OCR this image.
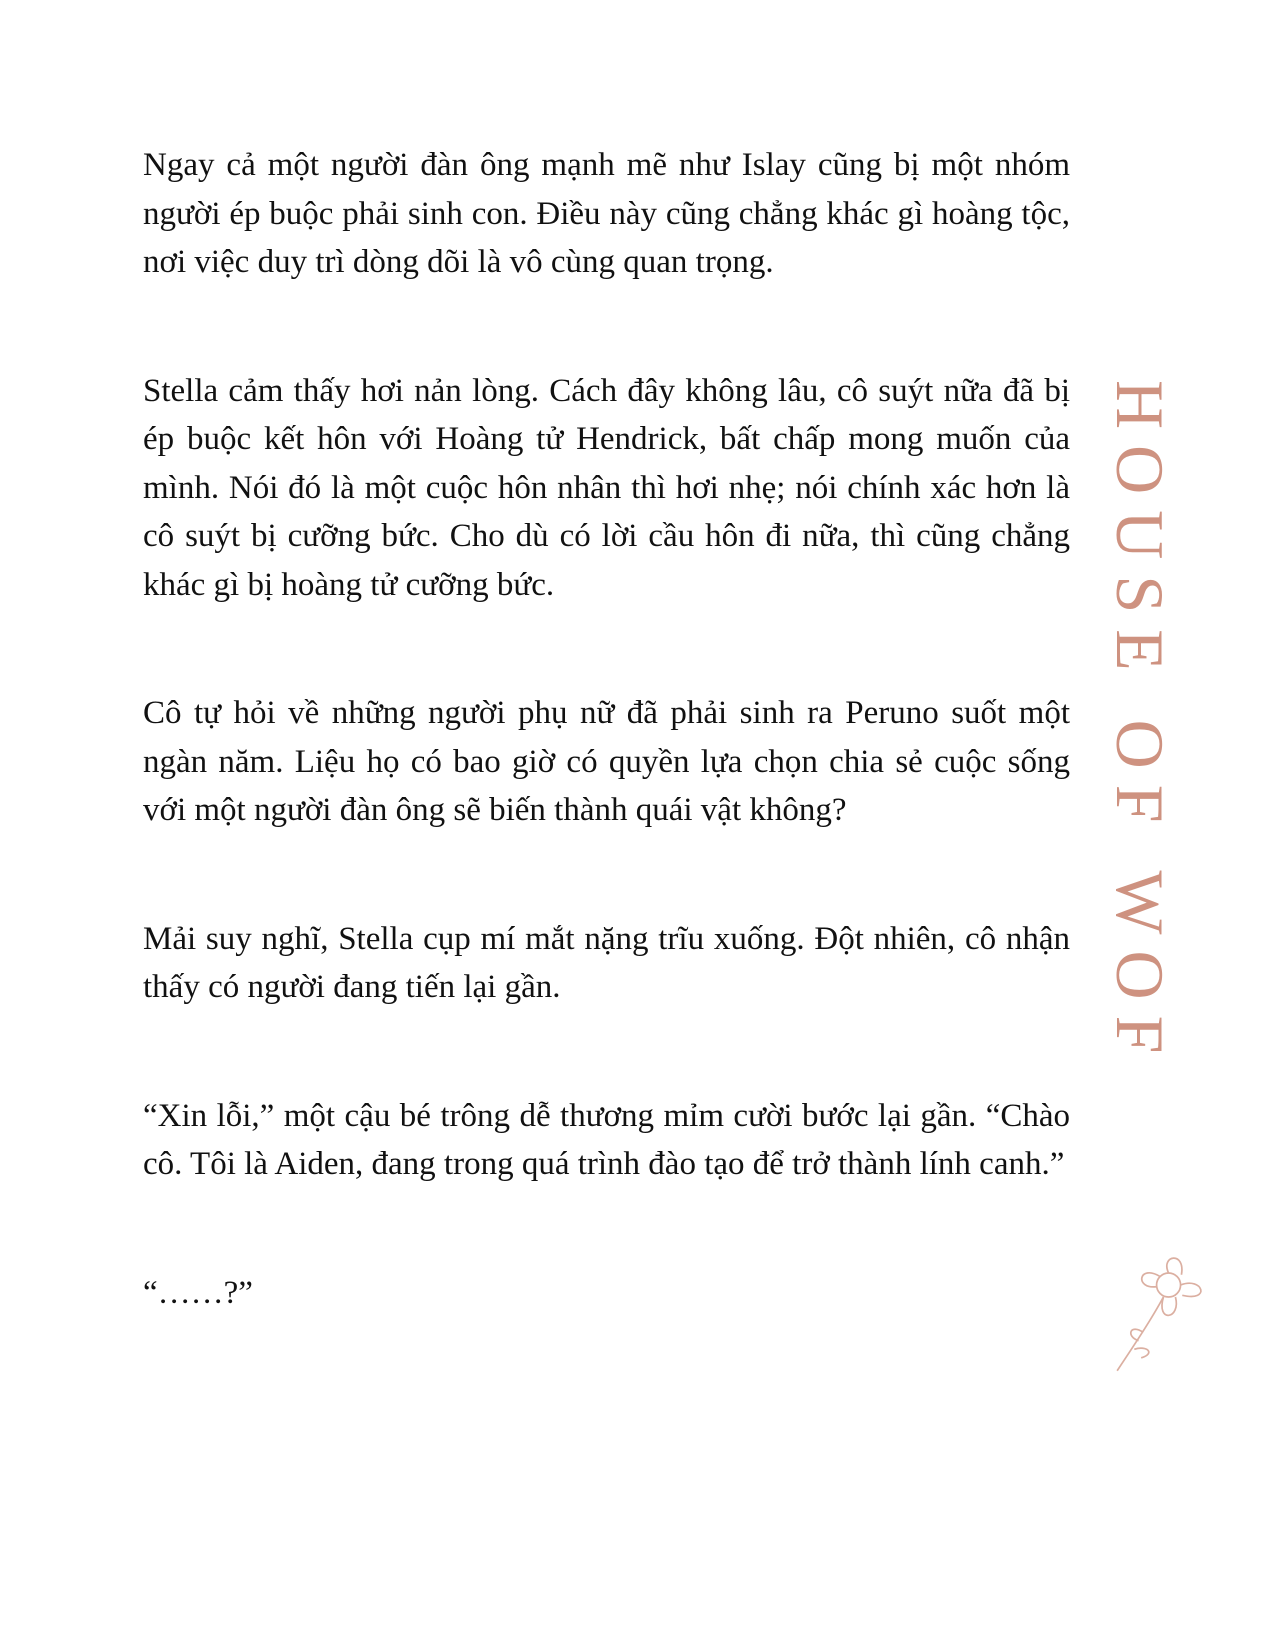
Ngay cả một người đàn ông mạnh mẽ như Islay cũng bị một nhóm người ép buộc phải sinh con. Điều này cũng chẳng khác gì hoàng tộc, nơi việc duy trì dòng dõi là vô cùng quan trọng.

Stella cảm thấy hơi nản lòng. Cách đây không lâu, cô suýt nữa đã bị ép buộc kết hôn với Hoàng tử Hendrick, bất chấp mong muốn của mình. Nói đó là một cuộc hôn nhân thì hơi nhẹ; nói chính xác hơn là cô suýt bị cưỡng bức. Cho dù có lời cầu hôn đi nữa, thì cũng chẳng khác gì bị hoàng tử cưỡng bức.

Cô tự hỏi về những người phụ nữ đã phải sinh ra Peruno suốt một ngàn năm. Liệu họ có bao giờ có quyền lựa chọn chia sẻ cuộc sống với một người đàn ông sẽ biến thành quái vật không?

Mải suy nghĩ, Stella cụp mí mắt nặng trĩu xuống. Đột nhiên, cô nhận thấy có người đang tiến lại gần.

“Xin lỗi,” một cậu bé trông dễ thương mỉm cười bước lại gần. “Chào cô. Tôi là Aiden, đang trong quá trình đào tạo để trở thành lính canh.”

“……?”

HOUSE OF WOF
